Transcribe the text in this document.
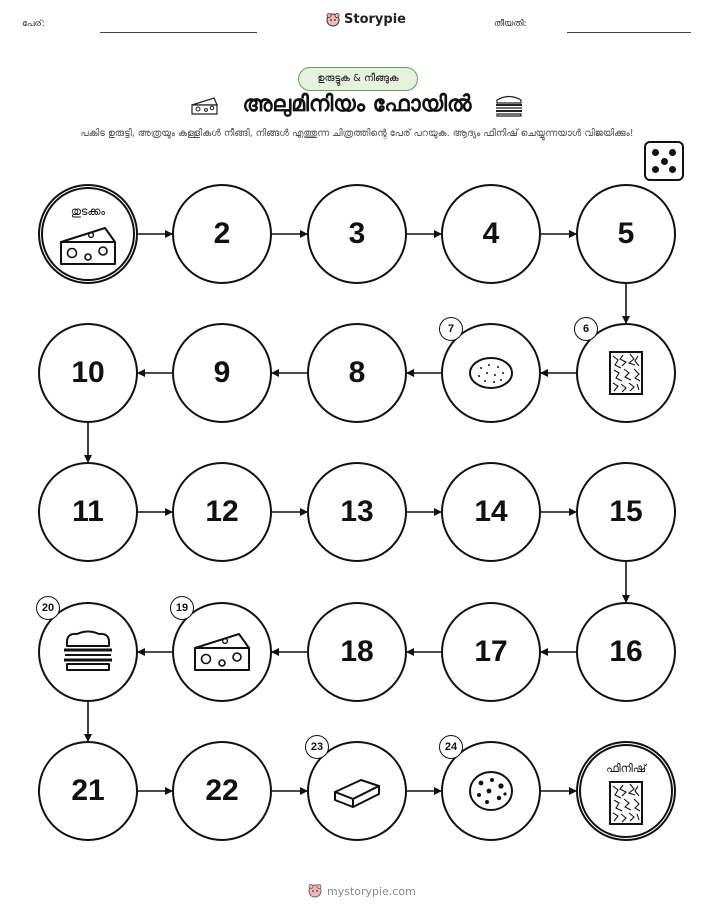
പേര്:	തീയതി:
Storypie
ഉരുട്ടുക & നീങ്ങുക
അലുമിനിയം ഫോയിൽ
പകിട ഉരുട്ടി, അത്രയും കള്ളികൾ നീങ്ങി, നിങ്ങൾ എത്തുന്ന ചിത്രത്തിന്റെ പേര് പറയുക. ആദ്യം ഫിനിഷ് ചെയ്യുന്നയാൾ വിജയിക്കും!
തുടക്കം
2	3	4	5
6
7
8
9
10
11	12	13	14	15
16
17
18
19
20
21	22
23	24
ഫിനിഷ്
mystorypie.com
